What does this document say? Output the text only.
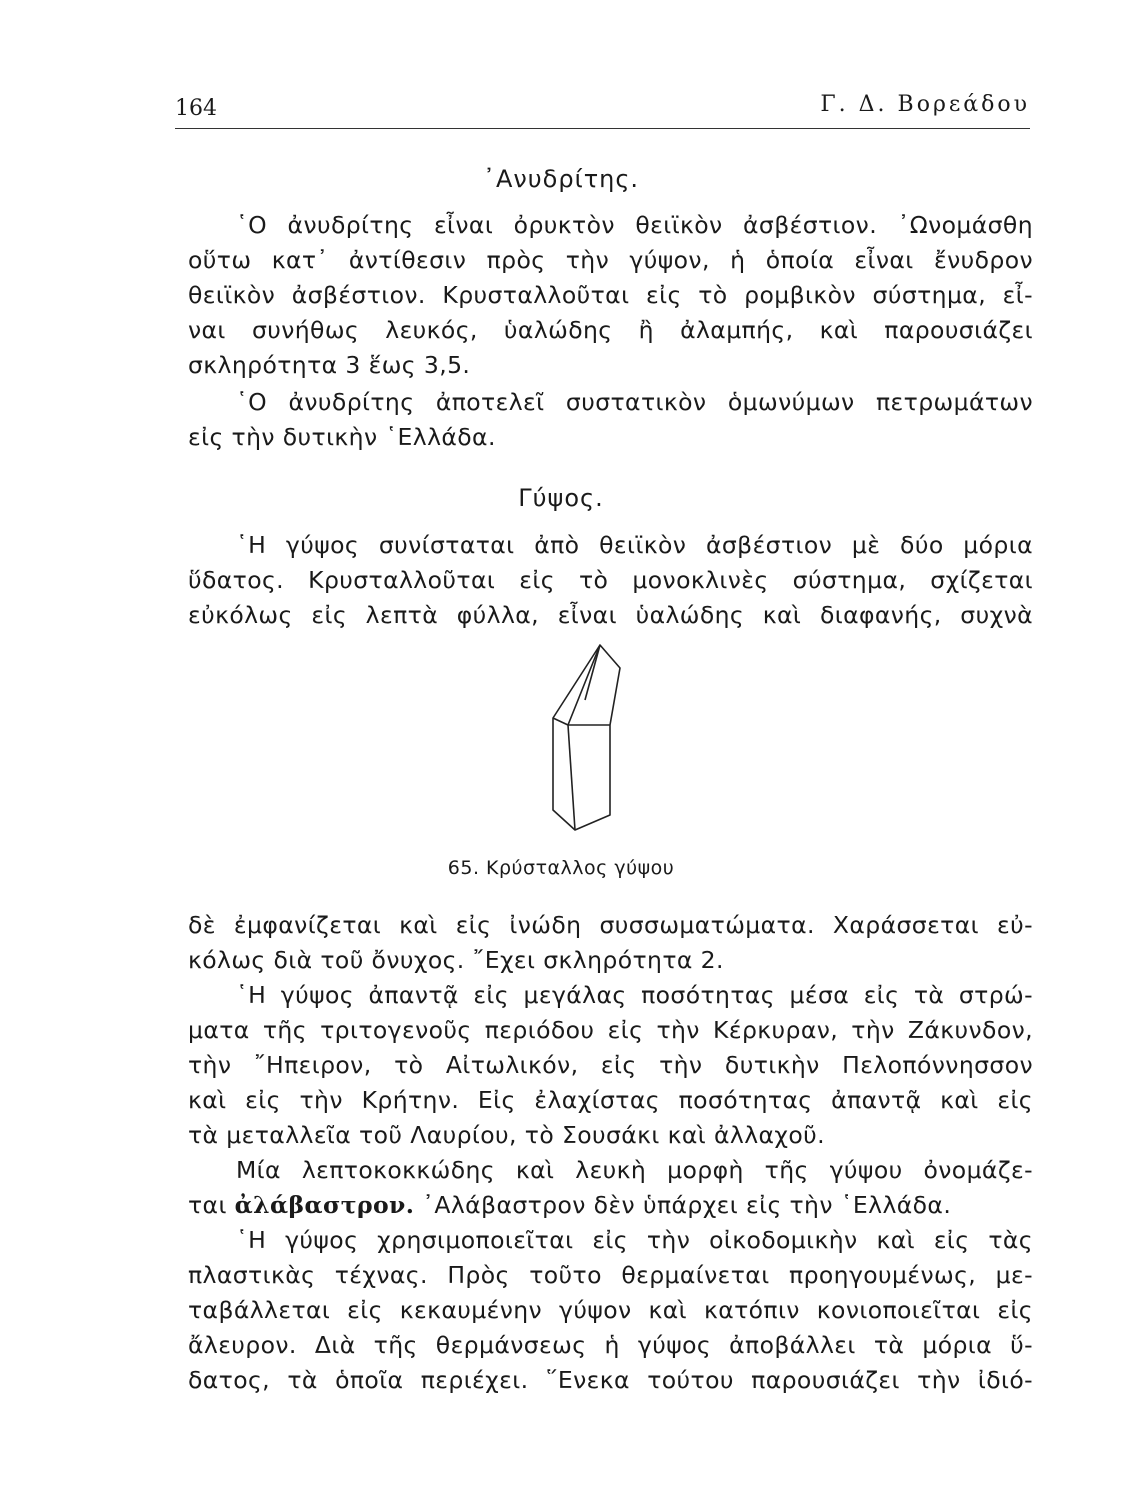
164	Γ. Δ. Βορεάδου
᾿Ανυδρίτης.
῾Ο ἀνυδρίτης εἶναι ὀρυκτὸν θειϊκὸν ἀσβέστιον. ᾿Ωνομάσθη
οὕτω κατ᾿ ἀντίθεσιν πρὸς τὴν γύψον, ἡ ὁποία εἶναι ἔνυδρον
θειϊκὸν ἀσβέστιον. Κρυσταλλοῦται εἰς τὸ ρομβικὸν σύστημα, εἶ-
ναι συνήθως λευκός, ὑαλώδης ἢ ἀλαμπής, καὶ παρουσιάζει
σκληρότητα 3 ἕως 3,5.
῾Ο ἀνυδρίτης ἀποτελεῖ συστατικὸν ὁμωνύμων πετρωμάτων
εἰς τὴν δυτικὴν ῾Ελλάδα.
Γύψος.
῾Η γύψος συνίσταται ἀπὸ θειϊκὸν ἀσβέστιον μὲ δύο μόρια
ὕδατος. Κρυσταλλοῦται εἰς τὸ μονοκλινὲς σύστημα, σχίζεται
εὐκόλως εἰς λεπτὰ φύλλα, εἶναι ὑαλώδης καὶ διαφανής, συχνὰ
65. Κρύσταλλος γύψου
δὲ ἐμφανίζεται καὶ εἰς ἰνώδη συσσωματώματα. Χαράσσεται εὐ-
κόλως διὰ τοῦ ὄνυχος. ῎Εχει σκληρότητα 2.
῾Η γύψος ἀπαντᾷ εἰς μεγάλας ποσότητας μέσα εἰς τὰ στρώ-
ματα τῆς τριτογενοῦς περιόδου εἰς τὴν Κέρκυραν, τὴν Ζάκυνδον,
τὴν ῎Ηπειρον, τὸ Αἰτωλικόν, εἰς τὴν δυτικὴν Πελοπόννησσον
καὶ εἰς τὴν Κρήτην. Εἰς ἐλαχίστας ποσότητας ἀπαντᾷ καὶ εἰς
τὰ μεταλλεῖα τοῦ Λαυρίου, τὸ Σουσάκι καὶ ἀλλαχοῦ.
Μία λεπτοκοκκώδης καὶ λευκὴ μορφὴ τῆς γύψου ὀνομάζε-
ται ἀλάβαστρον. ᾿Αλάβαστρον δὲν ὑπάρχει εἰς τὴν ῾Ελλάδα.
῾Η γύψος χρησιμοποιεῖται εἰς τὴν οἰκοδομικὴν καὶ εἰς τὰς
πλαστικὰς τέχνας. Πρὸς τοῦτο θερμαίνεται προηγουμένως, με-
ταβάλλεται εἰς κεκαυμένην γύψον καὶ κατόπιν κονιοποιεῖται εἰς
ἄλευρον. Διὰ τῆς θερμάνσεως ἡ γύψος ἀποβάλλει τὰ μόρια ὕ-
δατος, τὰ ὁποῖα περιέχει. ῞Ενεκα τούτου παρουσιάζει τὴν ἰδιό-
